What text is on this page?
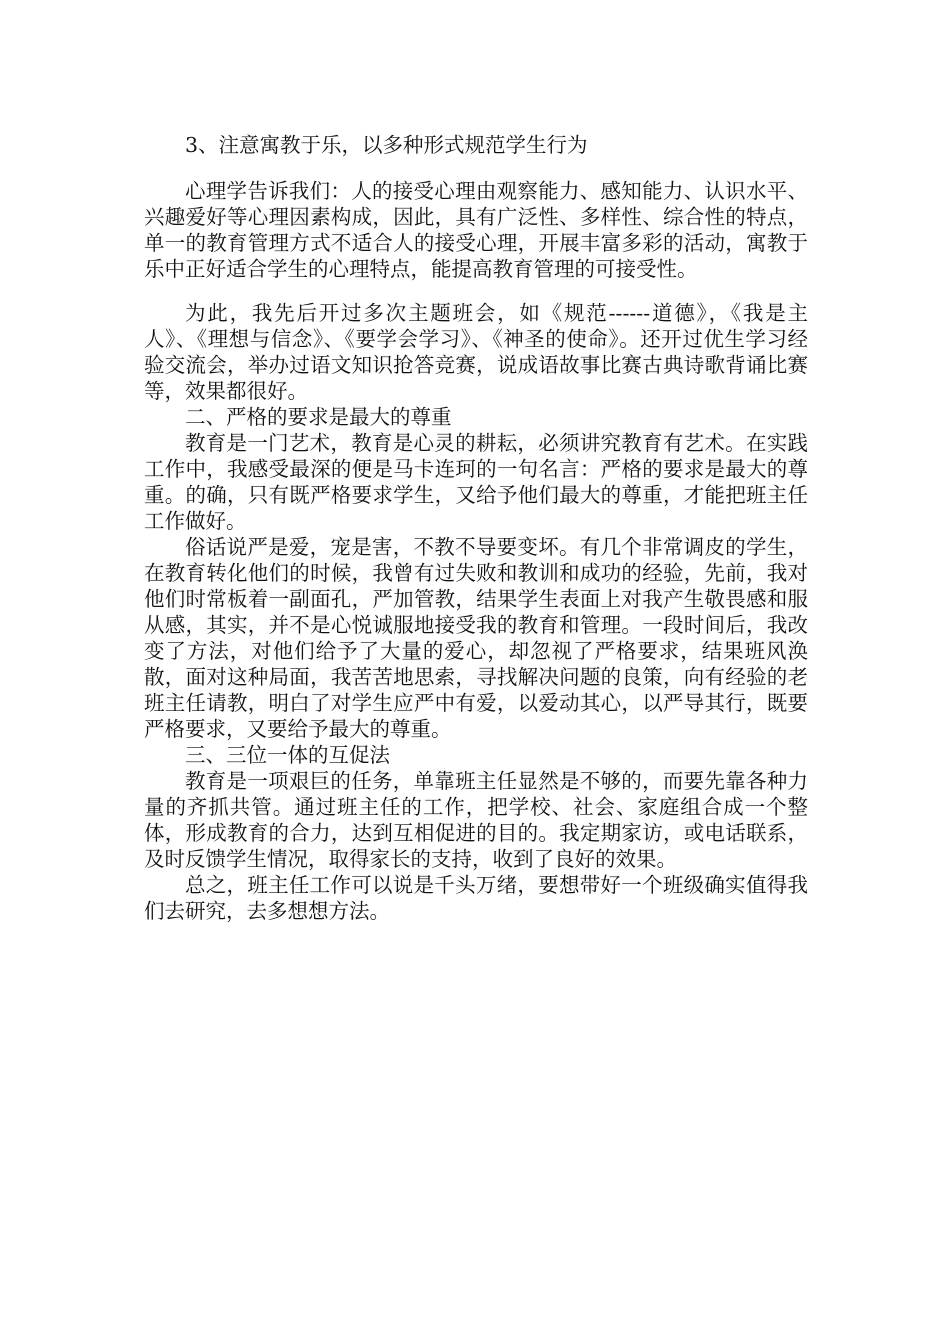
3、注意寓教于乐，以多种形式规范学生行为

心理学告诉我们：人的接受心理由观察能力、感知能力、认识水平、兴趣爱好等心理因素构成，因此，具有广泛性、多样性、综合性的特点，单一的教育管理方式不适合人的接受心理，开展丰富多彩的活动，寓教于乐中正好适合学生的心理特点，能提高教育管理的可接受性。

为此，我先后开过多次主题班会，如《规范------道德》，《我是主人》、《理想与信念》、《要学会学习》、《神圣的使命》。还开过优生学习经验交流会，举办过语文知识抢答竞赛，说成语故事比赛古典诗歌背诵比赛等，效果都很好。

二、严格的要求是最大的尊重

教育是一门艺术，教育是心灵的耕耘，必须讲究教育有艺术。在实践工作中，我感受最深的便是马卡连珂的一句名言：严格的要求是最大的尊重。的确，只有既严格要求学生，又给予他们最大的尊重，才能把班主任工作做好。

俗话说严是爱，宠是害，不教不导要变坏。有几个非常调皮的学生，在教育转化他们的时候，我曾有过失败和教训和成功的经验，先前，我对他们时常板着一副面孔，严加管教，结果学生表面上对我产生敬畏感和服从感，其实，并不是心悦诚服地接受我的教育和管理。一段时间后，我改变了方法，对他们给予了大量的爱心，却忽视了严格要求，结果班风涣散，面对这种局面，我苦苦地思索，寻找解决问题的良策，向有经验的老班主任请教，明白了对学生应严中有爱，以爱动其心，以严导其行，既要严格要求，又要给予最大的尊重。

三、三位一体的互促法

教育是一项艰巨的任务，单靠班主任显然是不够的，而要先靠各种力量的齐抓共管。通过班主任的工作，把学校、社会、家庭组合成一个整体，形成教育的合力，达到互相促进的目的。我定期家访，或电话联系，及时反馈学生情况，取得家长的支持，收到了良好的效果。

总之，班主任工作可以说是千头万绪，要想带好一个班级确实值得我们去研究，去多想想方法。
